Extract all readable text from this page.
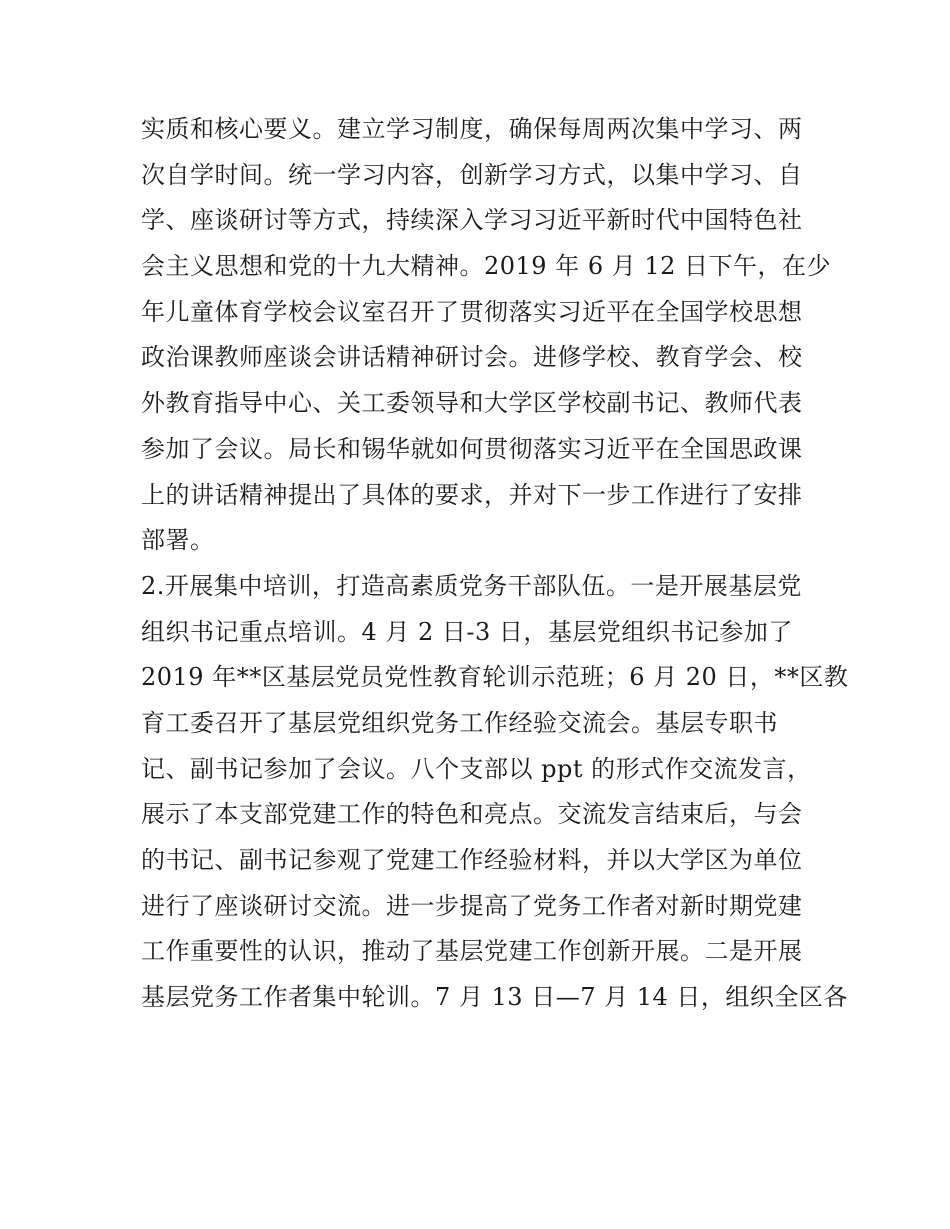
实质和核心要义。建立学习制度，确保每周两次集中学习、两
次自学时间。统一学习内容，创新学习方式，以集中学习、自
学、座谈研讨等方式，持续深入学习习近平新时代中国特色社
会主义思想和党的十九大精神。2019 年 6 月 12 日下午，在少
年儿童体育学校会议室召开了贯彻落实习近平在全国学校思想
政治课教师座谈会讲话精神研讨会。进修学校、教育学会、校
外教育指导中心、关工委领导和大学区学校副书记、教师代表
参加了会议。局长和锡华就如何贯彻落实习近平在全国思政课
上的讲话精神提出了具体的要求，并对下一步工作进行了安排
部署。
2.开展集中培训，打造高素质党务干部队伍。一是开展基层党
组织书记重点培训。4 月 2 日-3 日，基层党组织书记参加了
2019 年**区基层党员党性教育轮训示范班；6 月 20 日，**区教
育工委召开了基层党组织党务工作经验交流会。基层专职书
记、副书记参加了会议。八个支部以 ppt 的形式作交流发言，
展示了本支部党建工作的特色和亮点。交流发言结束后，与会
的书记、副书记参观了党建工作经验材料，并以大学区为单位
进行了座谈研讨交流。进一步提高了党务工作者对新时期党建
工作重要性的认识，推动了基层党建工作创新开展。二是开展
基层党务工作者集中轮训。7 月 13 日—7 月 14 日，组织全区各
